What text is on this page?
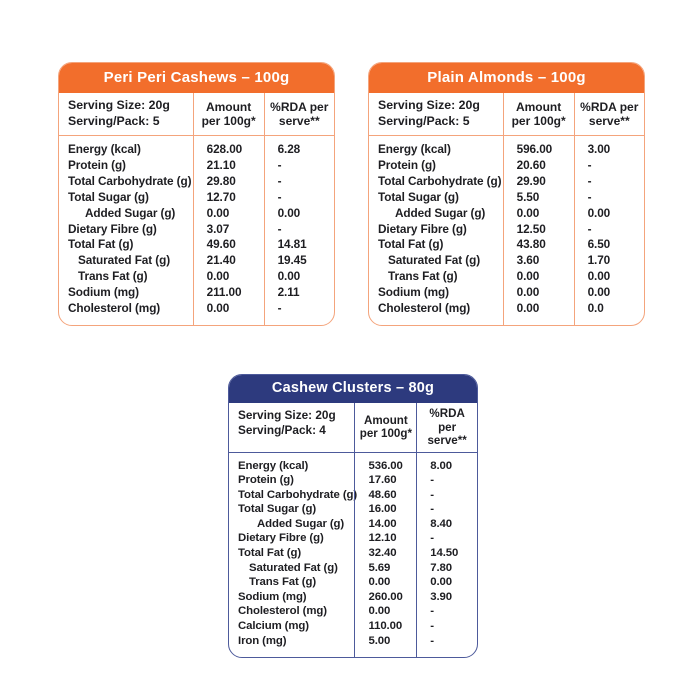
Peri Peri Cashews – 100g
Serving Size: 20g
Serving/Pack: 5
Amount
per 100g*
%RDA per
serve**
Energy (kcal)
Protein (g)
Total Carbohydrate (g)
Total Sugar (g)
Added Sugar (g)
Dietary Fibre (g)
Total Fat (g)
Saturated Fat (g)
Trans Fat (g)
Sodium (mg)
Cholesterol (mg)
628.00
21.10
29.80
12.70
0.00
3.07
49.60
21.40
0.00
211.00
0.00
6.28
-
-
-
0.00
-
14.81
19.45
0.00
2.11
-
Plain Almonds – 100g
Serving Size: 20g
Serving/Pack: 5
Amount
per 100g*
%RDA per
serve**
Energy (kcal)
Protein (g)
Total Carbohydrate (g)
Total Sugar (g)
Added Sugar (g)
Dietary Fibre (g)
Total Fat (g)
Saturated Fat (g)
Trans Fat (g)
Sodium (mg)
Cholesterol (mg)
596.00
20.60
29.90
5.50
0.00
12.50
43.80
3.60
0.00
0.00
0.00
3.00
-
-
-
0.00
-
6.50
1.70
0.00
0.00
0.0
Cashew Clusters – 80g
Serving Size: 20g
Serving/Pack: 4
Amount
per 100g*
%RDA per
serve**
Energy (kcal)
Protein (g)
Total Carbohydrate (g)
Total Sugar (g)
Added Sugar (g)
Dietary Fibre (g)
Total Fat (g)
Saturated Fat (g)
Trans Fat (g)
Sodium (mg)
Cholesterol (mg)
Calcium (mg)
Iron (mg)
536.00
17.60
48.60
16.00
14.00
12.10
32.40
5.69
0.00
260.00
0.00
110.00
5.00
8.00
-
-
-
8.40
-
14.50
7.80
0.00
3.90
-
-
-
